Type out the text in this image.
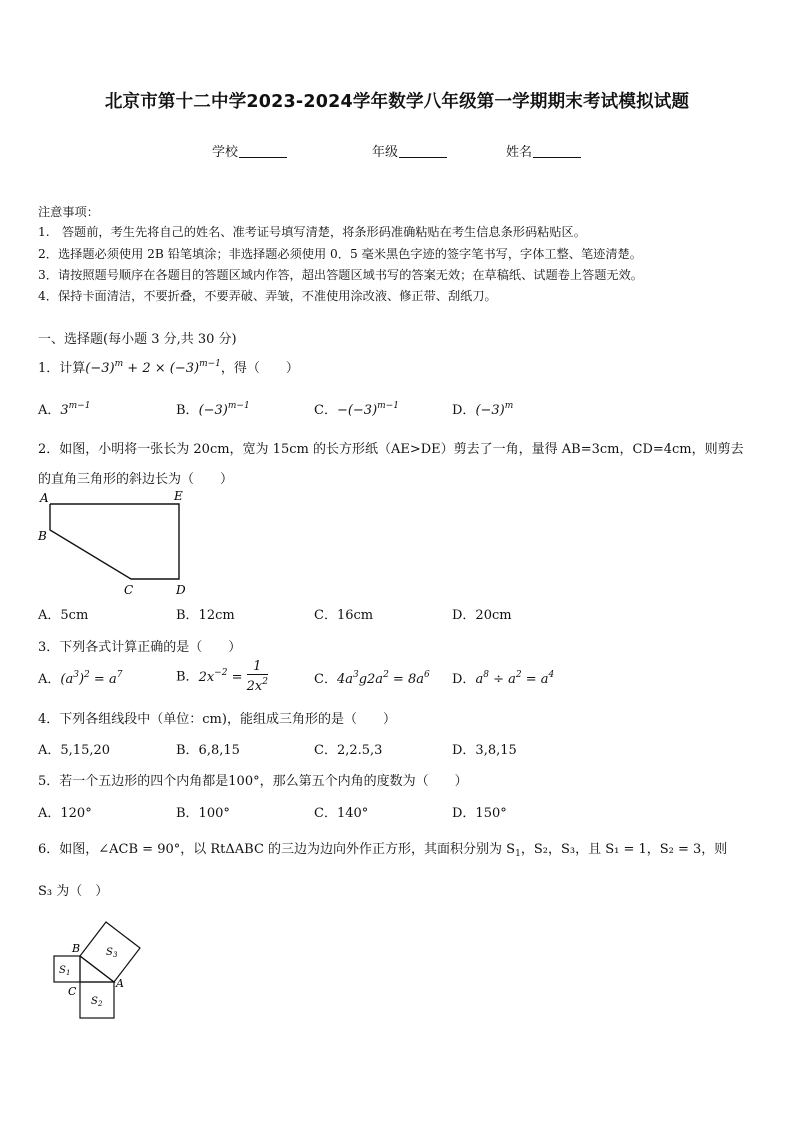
北京市第十二中学2023-2024学年数学八年级第一学期期末考试模拟试题
学校	年级	姓名
注意事项：
1.　答题前，考生先将自己的姓名、准考证号填写清楚，将条形码准确粘贴在考生信息条形码粘贴区。
2．选择题必须使用 2B 铅笔填涂；非选择题必须使用 0．5 毫米黑色字迹的签字笔书写，字体工整、笔迹清楚。
3．请按照题号顺序在各题目的答题区域内作答，超出答题区域书写的答案无效；在草稿纸、试题卷上答题无效。
4．保持卡面清洁，不要折叠，不要弄破、弄皱，不准使用涂改液、修正带、刮纸刀。
一、选择题(每小题 3 分,共 30 分)
1．计算$(-3)^m + 2 \times (-3)^{m-1}$，得（　　）
A．$3^{m-1}$	B．$(-3)^{m-1}$	C．$-(-3)^{m-1}$	D．$(-3)^m$
2．如图，小明将一张长为 20cm，宽为 15cm 的长方形纸（AE>DE）剪去了一角，量得 AB=3cm，CD=4cm，则剪去
的直角三角形的斜边长为（　　）
A	E
B
C	D
A．5cm	B．12cm	C．16cm	D．20cm
3．下列各式计算正确的是（　　）
A．$(a^3)^2 = a^7$	B．$2x^{-2} = \frac{1}{2x^2}$	C．$4a^3g2a^2 = 8a^6$ D．$a^8 \div a^2 = a^4$
4．下列各组线段中（单位：cm)，能组成三角形的是（　　）
A．5,15,20	B．6,8,15	C．2,2.5,3	D．3,8,15
5．若一个五边形的四个内角都是100°，那么第五个内角的度数为（　　）
A．120°	B．100°	C．140°	D．150°
6．如图，∠ACB = 90°，以 RtΔABC 的三边为边向外作正方形，其面积分别为 $S_1$，S₂，S₃，且 S₁ = 1，S₂ = 3，则
S₃ 为（　）
B
C
A
S 1
S 2
S 3
